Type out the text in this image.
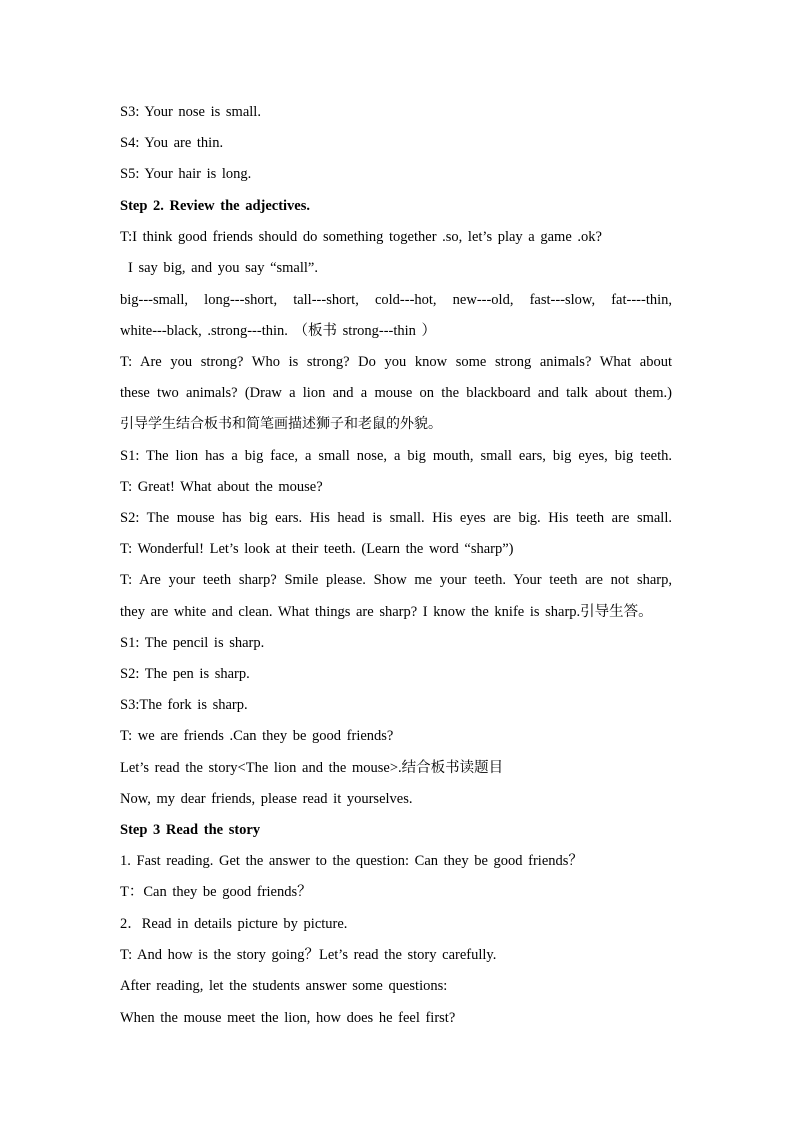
S3: Your nose is small.
S4: You are thin.
S5: Your hair is long.
Step 2. Review the adjectives.
T:I think good friends should do something together .so, let’s play a game .ok?
I say big, and you say “small”.
big---small, long---short, tall---short, cold---hot, new---old, fast---slow, fat----thin,
white---black, .strong---thin. （板书 strong---thin ）
T: Are you strong? Who is strong? Do you know some strong animals? What about
these two animals? (Draw a lion and a mouse on the blackboard and talk about them.)
引导学生结合板书和简笔画描述狮子和老鼠的外貌。
S1: The lion has a big face, a small nose, a big mouth, small ears, big eyes, big teeth.
T: Great! What about the mouse?
S2: The mouse has big ears. His head is small. His eyes are big. His teeth are small.
T: Wonderful! Let’s look at their teeth. (Learn the word “sharp”)
T: Are your teeth sharp? Smile please. Show me your teeth. Your teeth are not sharp,
they are white and clean. What things are sharp? I know the knife is sharp.引导生答。
S1: The pencil is sharp.
S2: The pen is sharp.
S3:The fork is sharp.
T: we are friends .Can they be good friends?
Let’s read the story<The lion and the mouse>.结合板书读题目
Now, my dear friends, please read it yourselves.
Step 3 Read the story
1. Fast reading. Get the answer to the question: Can they be good friends？
T：Can they be good friends？
2．Read in details picture by picture.
T: And how is the story going？Let’s read the story carefully.
After reading, let the students answer some questions:
When the mouse meet the lion, how does he feel first?
